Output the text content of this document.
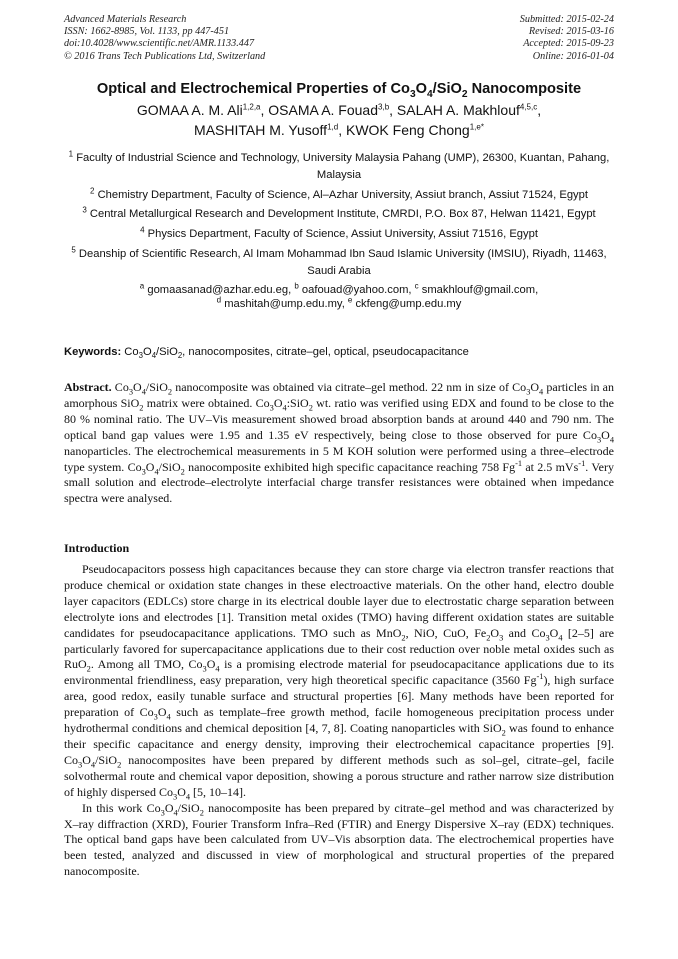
Advanced Materials Research
ISSN: 1662-8985, Vol. 1133, pp 447-451
doi:10.4028/www.scientific.net/AMR.1133.447
© 2016 Trans Tech Publications Ltd, Switzerland
Submitted: 2015-02-24
Revised: 2015-03-16
Accepted: 2015-09-23
Online: 2016-01-04
Optical and Electrochemical Properties of $Co_3O_4/SiO_2$ Nanocomposite
GOMAA A. M. Ali$^{1,2,a}$, OSAMA A. Fouad$^{3,b}$, SALAH A. Makhlouf$^{4,5,c}$,
MASHITAH M. Yusoff$^{1,d}$, KWOK Feng Chong$^{1,e*}$
$^1$ Faculty of Industrial Science and Technology, University Malaysia Pahang (UMP), 26300, Kuantan, Pahang, Malaysia
$^2$ Chemistry Department, Faculty of Science, Al–Azhar University, Assiut branch, Assiut 71524, Egypt
$^3$ Central Metallurgical Research and Development Institute, CMRDI, P.O. Box 87, Helwan 11421, Egypt
$^4$ Physics Department, Faculty of Science, Assiut University, Assiut 71516, Egypt
$^5$ Deanship of Scientific Research, Al Imam Mohammad Ibn Saud Islamic University (IMSIU), Riyadh, 11463, Saudi Arabia
$^a$ gomaasanad@azhar.edu.eg, $^b$ oafouad@yahoo.com, $^c$ smakhlouf@gmail.com,
$^d$ mashitah@ump.edu.my, $^e$ ckfeng@ump.edu.my
Keywords: $Co_3O_4/SiO_2$, nanocomposites, citrate–gel, optical, pseudocapacitance
Abstract. $Co_3O_4/SiO_2$ nanocomposite was obtained via citrate–gel method. 22 nm in size of $Co_3O_4$ particles in an amorphous SiO$_2$ matrix were obtained. $Co_3O_4:SiO_2$ wt. ratio was verified using EDX and found to be close to the 80 % nominal ratio. The UV–Vis measurement showed broad absorption bands at around 440 and 790 nm. The optical band gap values were 1.95 and 1.35 eV respectively, being close to those observed for pure $Co_3O_4$ nanoparticles. The electrochemical measurements in 5 M KOH solution were performed using a three–electrode type system. $Co_3O_4/SiO_2$ nanocomposite exhibited high specific capacitance reaching 758 $Fg^{-1}$ at 2.5 mVs$^{-1}$. Very small solution and electrode–electrolyte interfacial charge transfer resistances were obtained when impedance spectra were analysed.
Introduction

Pseudocapacitors possess high capacitances because they can store charge via electron transfer reactions that produce chemical or oxidation state changes in these electroactive materials. On the other hand, electro double layer capacitors (EDLCs) store charge in its electrical double layer due to electrostatic charge separation between electrolyte ions and electrodes [1]. Transition metal oxides (TMO) having different oxidation states are suitable candidates for pseudocapacitance applications. TMO such as MnO$_2$, NiO, CuO, $Fe_2O_3$ and $Co_3O_4$ [2–5] are particularly favored for supercapacitance applications due to their cost reduction over noble metal oxides such as RuO$_2$. Among all TMO, $Co_3O_4$ is a promising electrode material for pseudocapacitance applications due to its environmental friendliness, easy preparation, very high theoretical specific capacitance (3560 $Fg^{-1}$), high surface area, good redox, easily tunable surface and structural properties [6]. Many methods have been reported for preparation of $Co_3O_4$ such as template–free growth method, facile homogeneous precipitation process under hydrothermal conditions and chemical deposition [4, 7, 8]. Coating nanoparticles with SiO$_2$ was found to enhance their specific capacitance and energy density, improving their electrochemical capacitance properties [9]. $Co_3O_4/SiO_2$ nanocomposites have been prepared by different methods such as sol–gel, citrate–gel, facile solvothermal route and chemical vapor deposition, showing a porous structure and rather narrow size distribution of highly dispersed $Co_3O_4$ [5, 10–14].

In this work $Co_3O_4/SiO_2$ nanocomposite has been prepared by citrate–gel method and was characterized by X–ray diffraction (XRD), Fourier Transform Infra–Red (FTIR) and Energy Dispersive X–ray (EDX) techniques. The optical band gaps have been calculated from UV–Vis absorption data. The electrochemical properties have been tested, analyzed and discussed in view of morphological and structural properties of the prepared nanocomposite.
